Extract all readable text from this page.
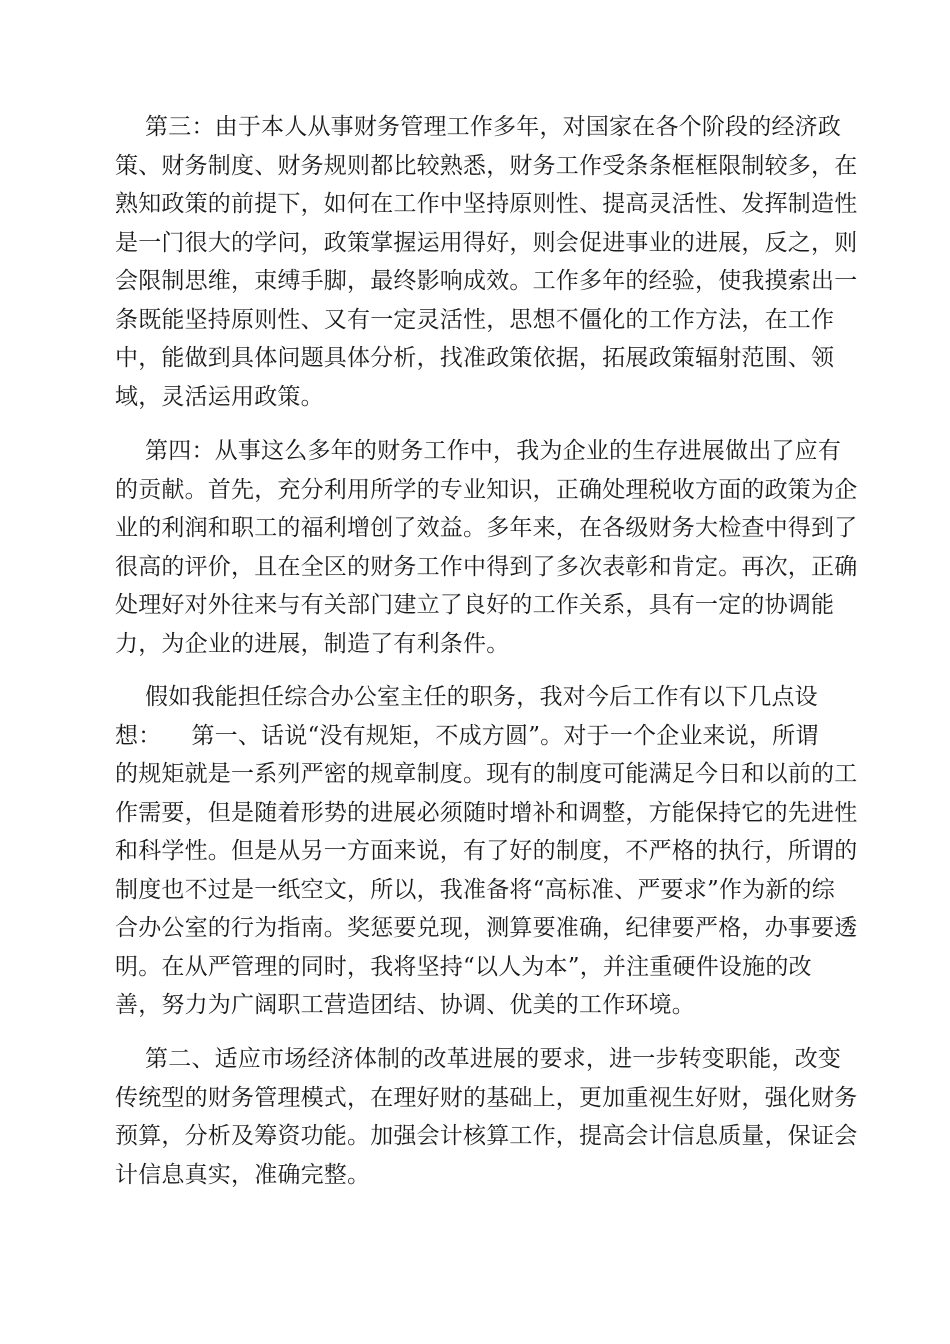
第三：由于本人从事财务管理工作多年，对国家在各个阶段的经济政
策、财务制度、财务规则都比较熟悉，财务工作受条条框框限制较多，在
熟知政策的前提下，如何在工作中坚持原则性、提高灵活性、发挥制造性
是一门很大的学问，政策掌握运用得好，则会促进事业的进展，反之，则
会限制思维，束缚手脚，最终影响成效。工作多年的经验，使我摸索出一
条既能坚持原则性、又有一定灵活性，思想不僵化的工作方法，在工作
中，能做到具体问题具体分析，找准政策依据，拓展政策辐射范围、领
域，灵活运用政策。

第四：从事这么多年的财务工作中，我为企业的生存进展做出了应有
的贡献。首先，充分利用所学的专业知识，正确处理税收方面的政策为企
业的利润和职工的福利增创了效益。多年来，在各级财务大检查中得到了
很高的评价，且在全区的财务工作中得到了多次表彰和肯定。再次，正确
处理好对外往来与有关部门建立了良好的工作关系，具有一定的协调能
力，为企业的进展，制造了有利条件。

假如我能担任综合办公室主任的职务，我对今后工作有以下几点设
想：    第一、话说“没有规矩，不成方圆”。对于一个企业来说，所谓
的规矩就是一系列严密的规章制度。现有的制度可能满足今日和以前的工
作需要，但是随着形势的进展必须随时增补和调整，方能保持它的先进性
和科学性。但是从另一方面来说，有了好的制度，不严格的执行，所谓的
制度也不过是一纸空文，所以，我准备将“高标准、严要求”作为新的综
合办公室的行为指南。奖惩要兑现，测算要准确，纪律要严格，办事要透
明。在从严管理的同时，我将坚持“以人为本”，并注重硬件设施的改
善，努力为广阔职工营造团结、协调、优美的工作环境。

第二、适应市场经济体制的改革进展的要求，进一步转变职能，改变
传统型的财务管理模式，在理好财的基础上，更加重视生好财，强化财务
预算，分析及筹资功能。加强会计核算工作，提高会计信息质量，保证会
计信息真实，准确完整。
